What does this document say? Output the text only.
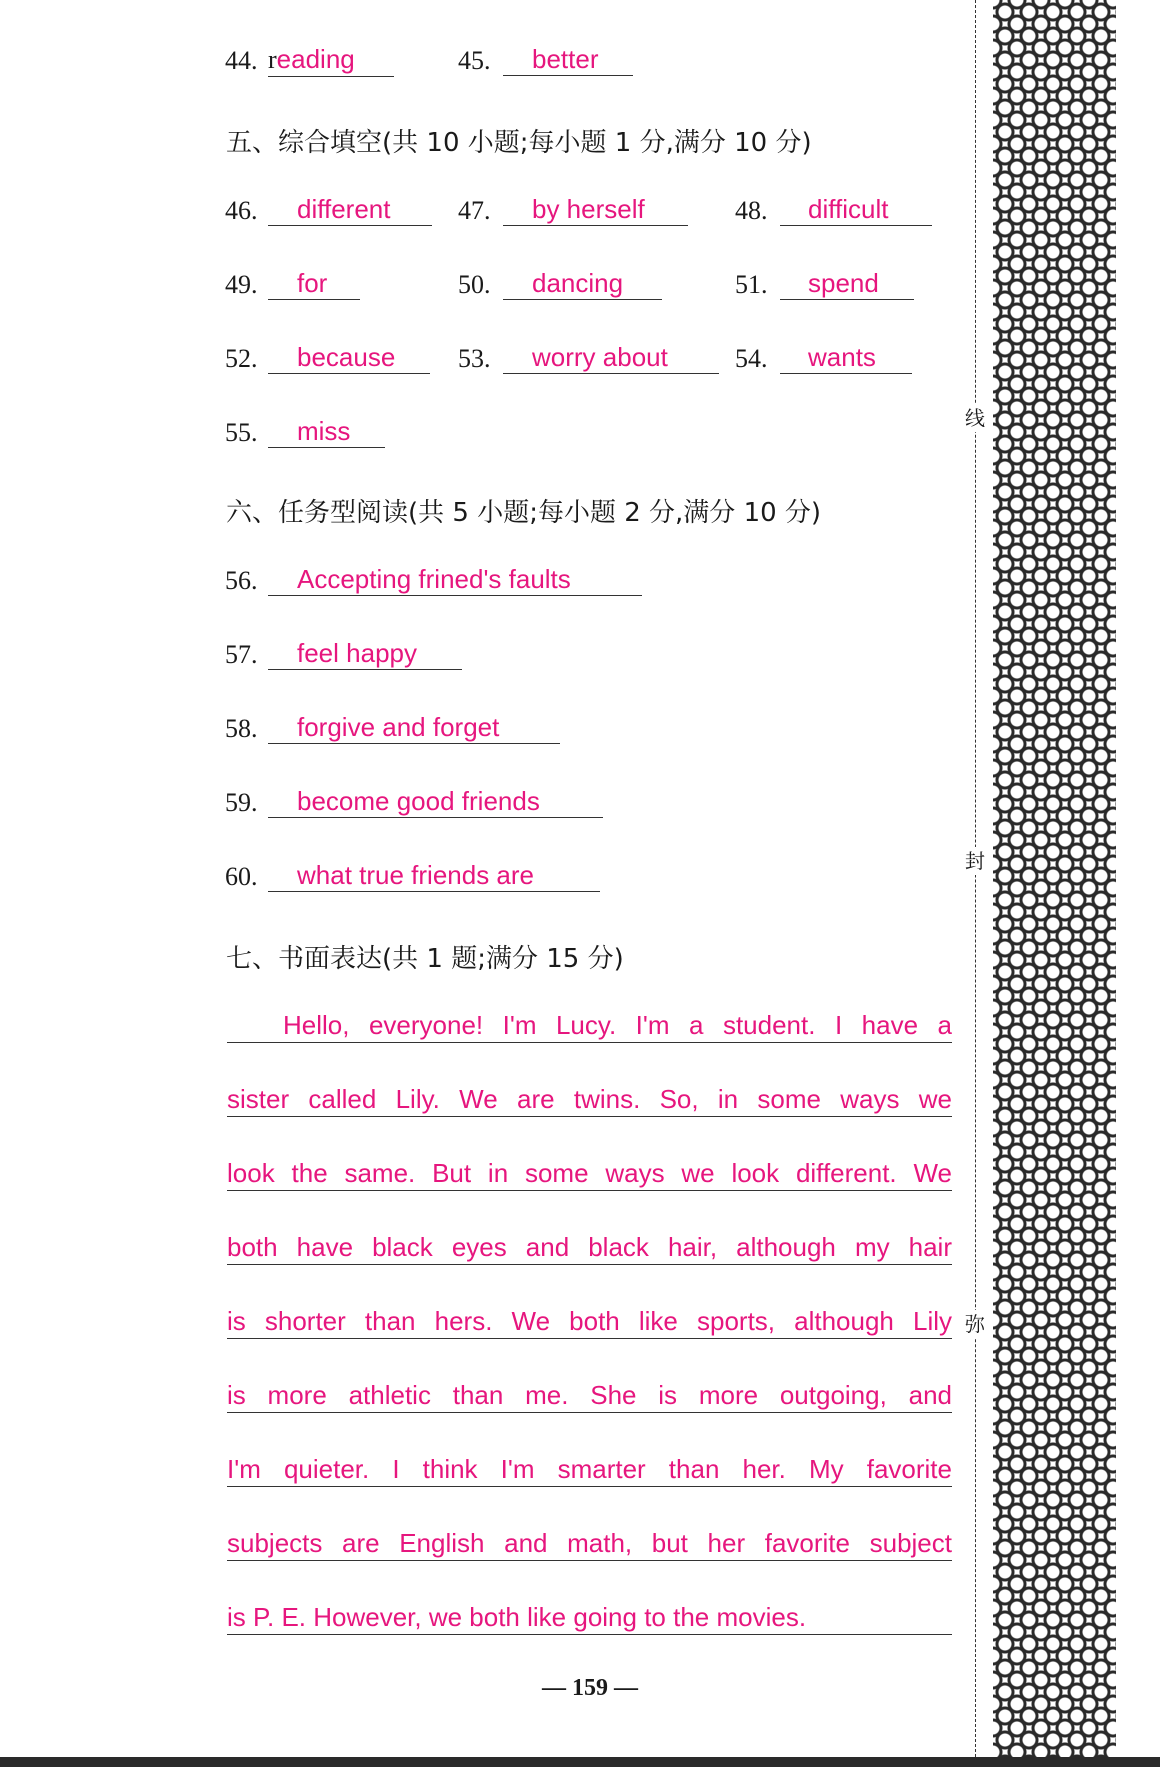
44. reading	45.	better
五、综合填空(共 10 小题;每小题 1 分,满分 10 分)
46.	different	47.	by herself	48.	difficult
49.	for	50.	dancing	51.	spend
52.	because	53.	worry about	54.	wants
55.	miss
六、任务型阅读(共 5 小题;每小题 2 分,满分 10 分)
56.	Accepting frined's faults
57.	feel happy
58.	forgive and forget
59.	become good friends
60.	what true friends are
七、书面表达(共 1 题;满分 15 分)
Hello, everyone! I'm Lucy. I'm a student. I have a
sister called Lily. We are twins. So, in some ways we
look the same. But in some ways we look different. We
both have black eyes and black hair, although my hair
is shorter than hers. We both like sports, although Lily
is more athletic than me. She is more outgoing, and
I'm quieter. I think I'm smarter than her. My favorite
subjects are English and math, but her favorite subject
is P. E. However, we both like going to the movies.
— 159 —
线
封
弥
